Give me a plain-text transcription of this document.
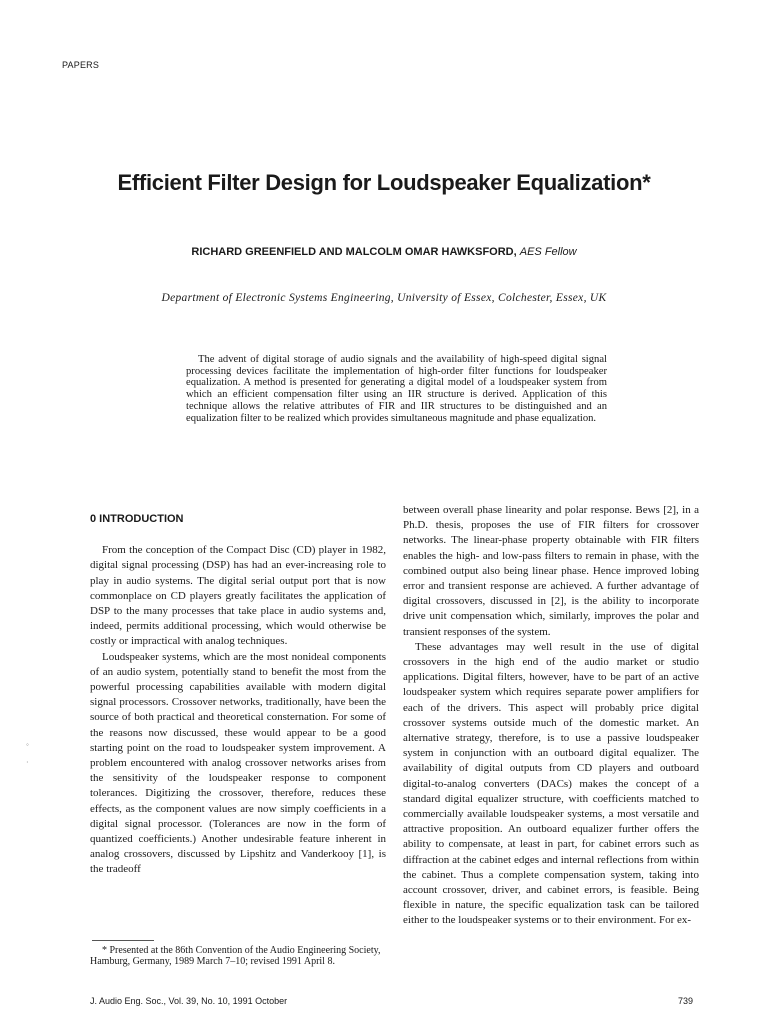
PAPERS
Efficient Filter Design for Loudspeaker Equalization*
RICHARD GREENFIELD AND MALCOLM OMAR HAWKSFORD, AES Fellow
Department of Electronic Systems Engineering, University of Essex, Colchester, Essex, UK

The advent of digital storage of audio signals and the availability of high-speed digital signal processing devices facilitate the implementation of high-order filter functions for loudspeaker equalization. A method is presented for generating a digital model of a loudspeaker system from which an efficient compensation filter using an IIR structure is derived. Application of this technique allows the relative attributes of FIR and IIR structures to be distinguished and an equalization filter to be realized which provides simultaneous magnitude and phase equalization.

0 INTRODUCTION

From the conception of the Compact Disc (CD) player in 1982, digital signal processing (DSP) has had an ever-increasing role to play in audio systems. The digital serial output port that is now commonplace on CD players greatly facilitates the application of DSP to the many processes that take place in audio systems and, indeed, permits additional processing, which would otherwise be costly or impractical with analog techniques.

Loudspeaker systems, which are the most nonideal components of an audio system, potentially stand to benefit the most from the powerful processing capabilities available with modern digital signal processors. Crossover networks, traditionally, have been the source of both practical and theoretical consternation. For some of the reasons now discussed, these would appear to be a good starting point on the road to loudspeaker system improvement. A problem encountered with analog crossover networks arises from the sensitivity of the loudspeaker response to component tolerances. Digitizing the crossover, therefore, reduces these effects, as the component values are now simply coefficients in a digital signal processor. (Tolerances are now in the form of quantized coefficients.) Another undesirable feature inherent in analog crossovers, discussed by Lipshitz and Vanderkooy [1], is the tradeoff

between overall phase linearity and polar response. Bews [2], in a Ph.D. thesis, proposes the use of FIR filters for crossover networks. The linear-phase property obtainable with FIR filters enables the high- and low-pass filters to remain in phase, with the combined output also being linear phase. Hence improved lobing error and transient response are achieved. A further advantage of digital crossovers, discussed in [2], is the ability to incorporate drive unit compensation which, similarly, improves the polar and transient responses of the system.

These advantages may well result in the use of digital crossovers in the high end of the audio market or studio applications. Digital filters, however, have to be part of an active loudspeaker system which requires separate power amplifiers for each of the drivers. This aspect will probably price digital crossover systems outside much of the domestic market. An alternative strategy, therefore, is to use a passive loudspeaker system in conjunction with an outboard digital equalizer. The availability of digital outputs from CD players and outboard digital-to-analog converters (DACs) makes the concept of a standard digital equalizer structure, with coefficients matched to commercially available loudspeaker systems, a most versatile and attractive proposition. An outboard equalizer further offers the ability to compensate, at least in part, for cabinet errors such as diffraction at the cabinet edges and internal reflections from within the cabinet. Thus a complete compensation system, taking into account crossover, driver, and cabinet errors, is feasible. Being flexible in nature, the specific equalization task can be tailored either to the loudspeaker systems or to their environment. For ex-

* Presented at the 86th Convention of the Audio Engineering Society, Hamburg, Germany, 1989 March 7–10; revised 1991 April 8.

J. Audio Eng. Soc., Vol. 39, No. 10, 1991 October	739
◦
·
